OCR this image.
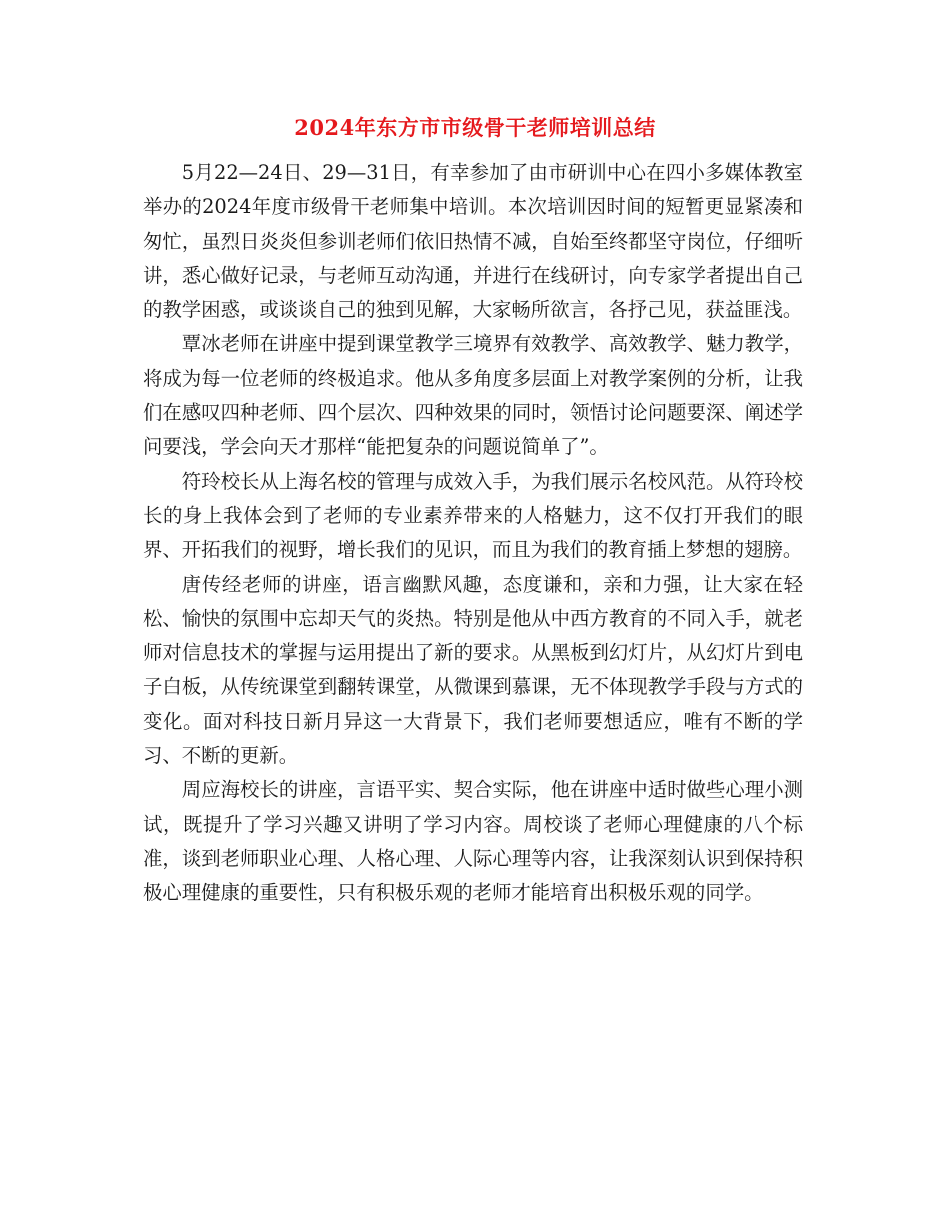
2024年东方市市级骨干老师培训总结

5月22—24日、29—31日，有幸参加了由市研训中心在四小多媒体教室举办的2024年度市级骨干老师集中培训。本次培训因时间的短暂更显紧凑和匆忙，虽烈日炎炎但参训老师们依旧热情不减，自始至终都坚守岗位，仔细听讲，悉心做好记录，与老师互动沟通，并进行在线研讨，向专家学者提出自己的教学困惑，或谈谈自己的独到见解，大家畅所欲言，各抒己见，获益匪浅。

覃冰老师在讲座中提到课堂教学三境界有效教学、高效教学、魅力教学，将成为每一位老师的终极追求。他从多角度多层面上对教学案例的分析，让我们在感叹四种老师、四个层次、四种效果的同时，领悟讨论问题要深、阐述学问要浅，学会向天才那样“能把复杂的问题说简单了”。

符玲校长从上海名校的管理与成效入手，为我们展示名校风范。从符玲校长的身上我体会到了老师的专业素养带来的人格魅力，这不仅打开我们的眼界、开拓我们的视野，增长我们的见识，而且为我们的教育插上梦想的翅膀。

唐传经老师的讲座，语言幽默风趣，态度谦和，亲和力强，让大家在轻松、愉快的氛围中忘却天气的炎热。特别是他从中西方教育的不同入手，就老师对信息技术的掌握与运用提出了新的要求。从黑板到幻灯片，从幻灯片到电子白板，从传统课堂到翻转课堂，从微课到慕课，无不体现教学手段与方式的变化。面对科技日新月异这一大背景下，我们老师要想适应，唯有不断的学习、不断的更新。

周应海校长的讲座，言语平实、契合实际，他在讲座中适时做些心理小测试，既提升了学习兴趣又讲明了学习内容。周校谈了老师心理健康的八个标准，谈到老师职业心理、人格心理、人际心理等内容，让我深刻认识到保持积极心理健康的重要性，只有积极乐观的老师才能培育出积极乐观的同学。
